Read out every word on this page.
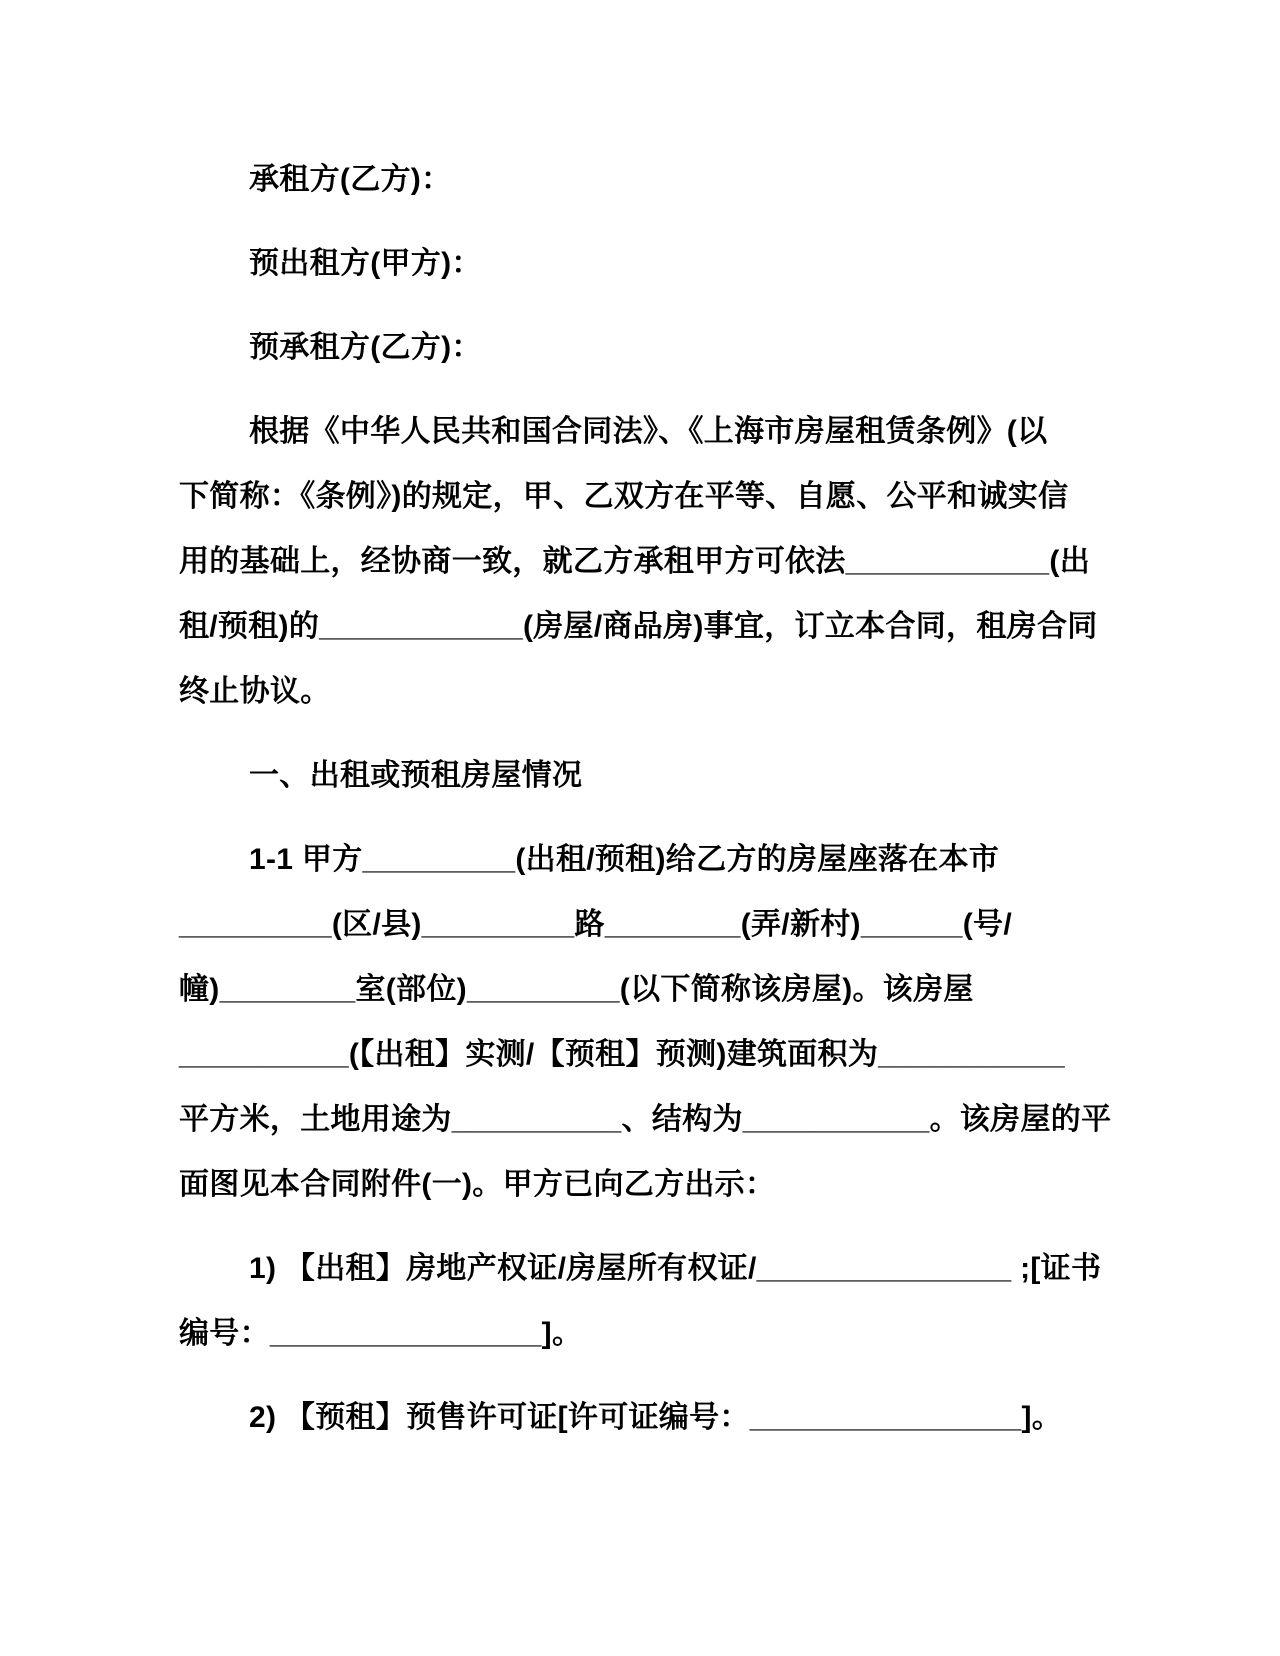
承租方(乙方)：
预出租方(甲方)：
预承租方(乙方)：
根据《中华人民共和国合同法》、《上海市房屋租赁条例》(以
下简称：《条例》)的规定，甲、乙双方在平等、自愿、公平和诚实信
用的基础上，经协商一致，就乙方承租甲方可依法____________(出
租/预租)的____________(房屋/商品房)事宜，订立本合同，租房合同
终止协议。
一、出租或预租房屋情况
1-1 甲方_________(出租/预租)给乙方的房屋座落在本市
_________(区/县)_________路________(弄/新村)______(号/
幢)________室(部位)_________(以下简称该房屋)。该房屋
__________(【出租】实测/【预租】预测)建筑面积为___________
平方米，土地用途为__________、结构为___________。该房屋的平
面图见本合同附件(一)。甲方已向乙方出示：
1) 【出租】房地产权证/房屋所有权证/_______________ ;[证书
编号：________________]。
2) 【预租】预售许可证[许可证编号：________________]。
